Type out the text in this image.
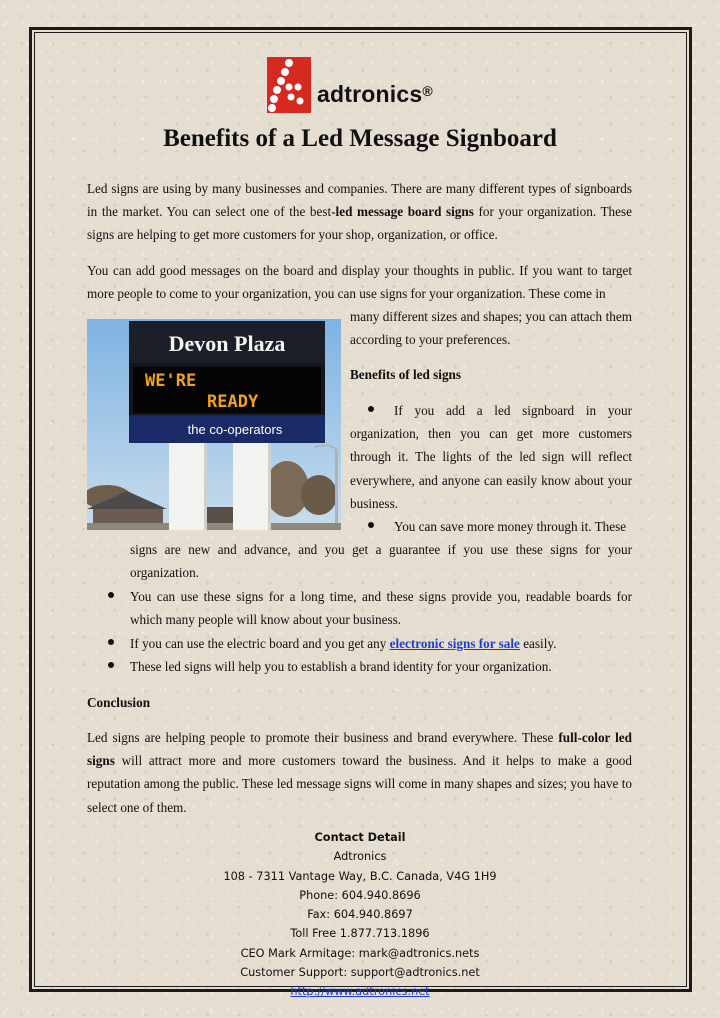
adtronics®
Benefits of a Led Message Signboard
Led signs are using by many businesses and companies. There are many different types of signboards in the market. You can select one of the best-led message board signs for your organization. These signs are helping to get more customers for your shop, organization, or office.
You can add good messages on the board and display your thoughts in public. If you want to target more people to come to your organization, you can use signs for your organization. These come in
many different sizes and shapes; you can attach them according to your preferences.
Devon Plaza
WE'RE
READY
the co-operators
Benefits of led signs
If you add a led signboard in your organization, then you can get more customers through it. The lights of the led sign will reflect everywhere, and anyone can easily know about your business.
You can save more money through it. These
signs are new and advance, and you get a guarantee if you use these signs for your organization.
You can use these signs for a long time, and these signs provide you, readable boards for which many people will know about your business.
If you can use the electric board and you get any electronic signs for sale easily.
These led signs will help you to establish a brand identity for your organization.
Conclusion
Led signs are helping people to promote their business and brand everywhere. These full-color led signs will attract more and more customers toward the business. And it helps to make a good reputation among the public. These led message signs will come in many shapes and sizes; you have to select one of them.
Contact Detail
Adtronics
108 - 7311 Vantage Way, B.C. Canada, V4G 1H9
Phone: 604.940.8696
Fax: 604.940.8697
Toll Free 1.877.713.1896
CEO Mark Armitage: mark@adtronics.nets
Customer Support: support@adtronics.net
http://www.adtronics.net
